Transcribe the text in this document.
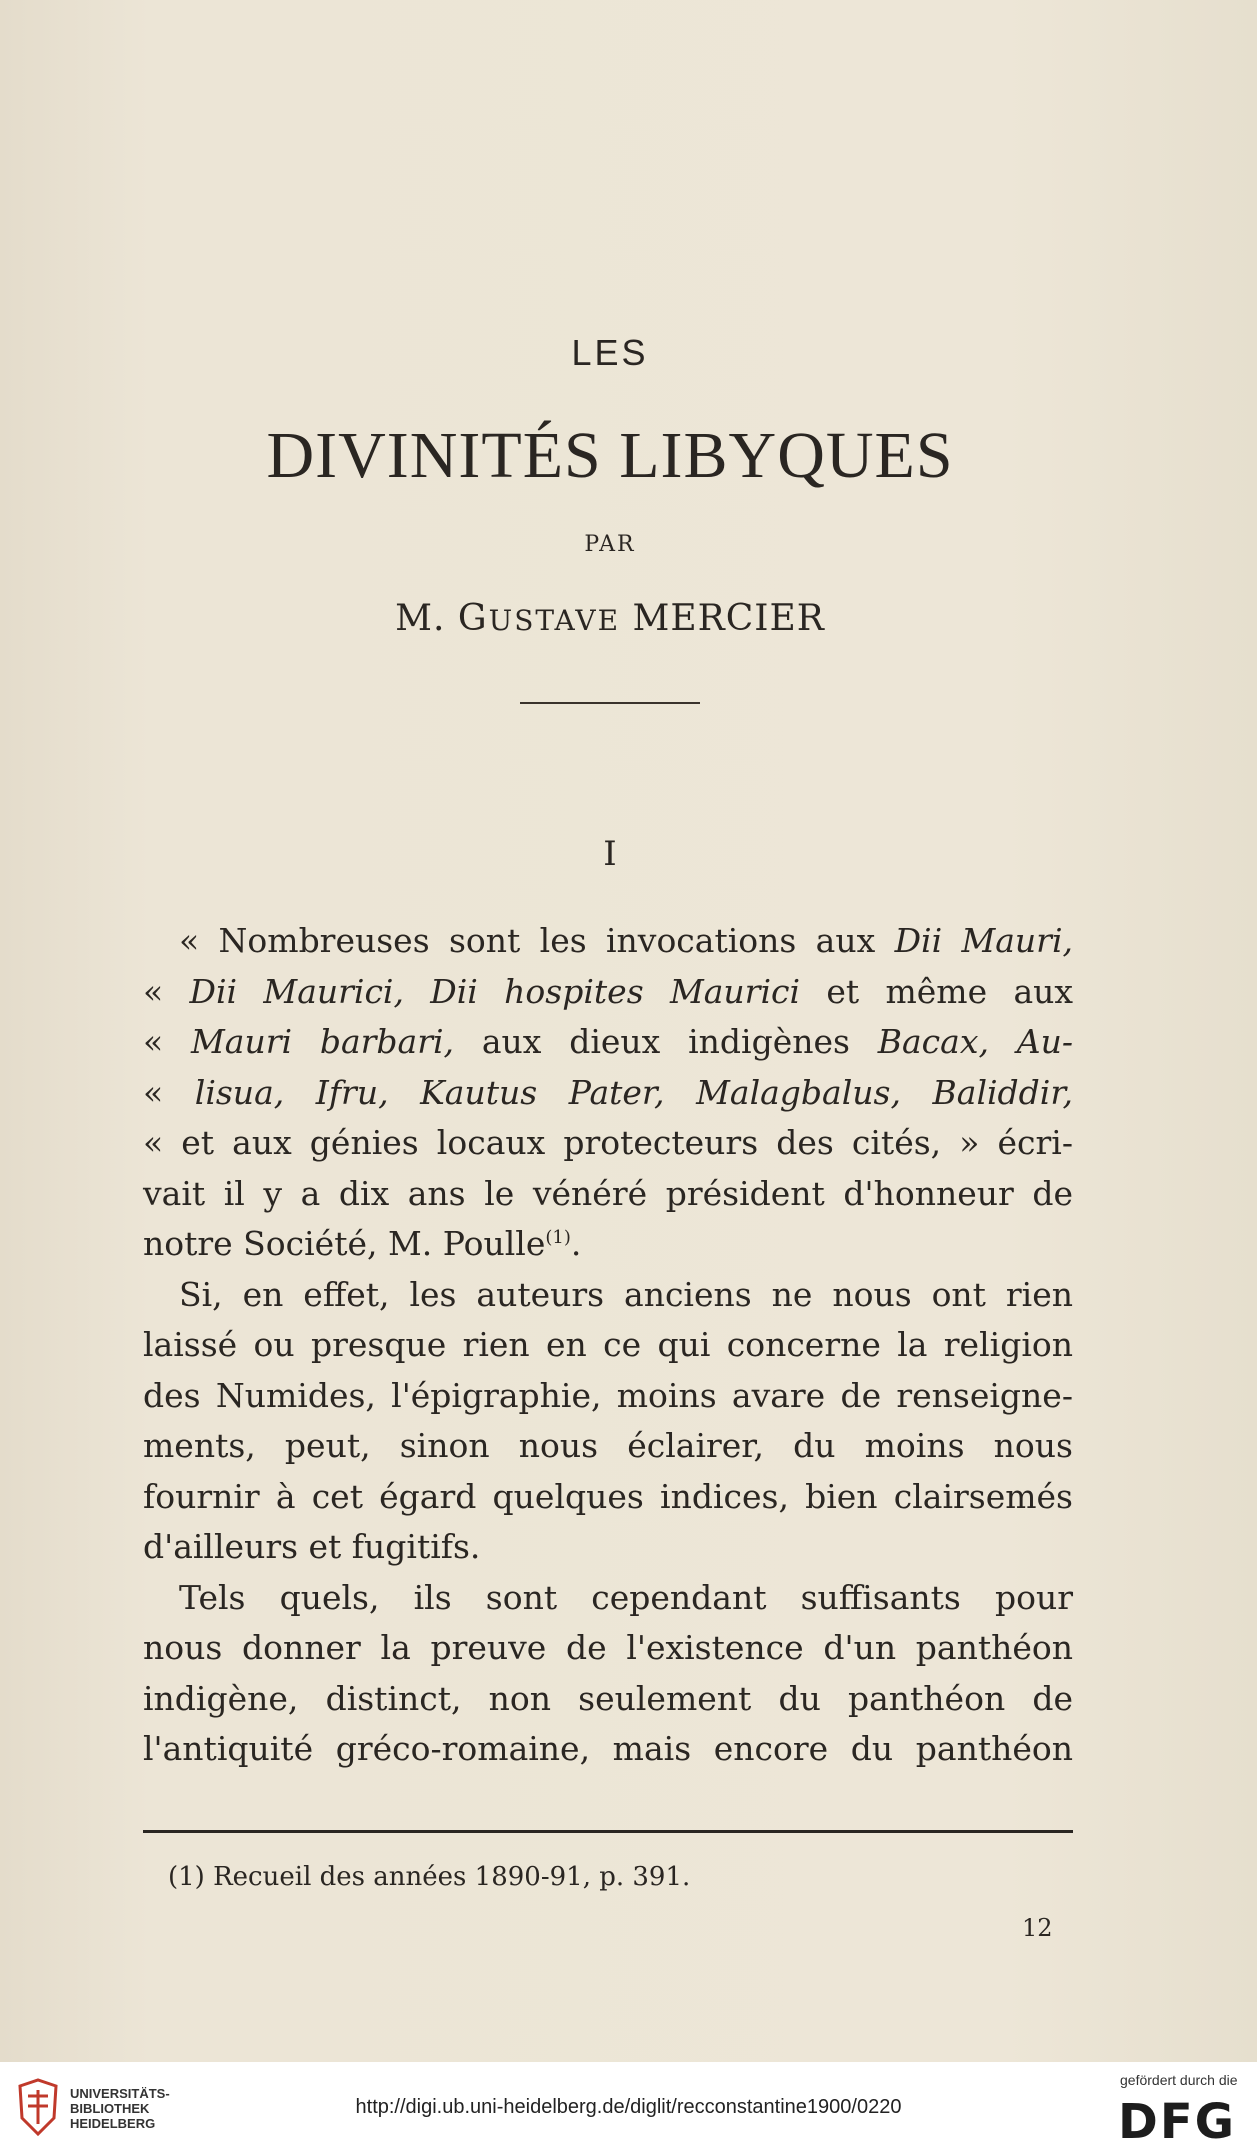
LES
DIVINITÉS LIBYQUES
PAR
M. GUSTAVE MERCIER
I
« Nombreuses sont les invocations aux Dii Mauri,
« Dii Maurici, Dii hospites Maurici et même aux
« Mauri barbari, aux dieux indigènes Bacax, Au-
« lisua, Ifru, Kautus Pater, Malagbalus, Baliddir,
« et aux génies locaux protecteurs des cités, » écri-
vait il y a dix ans le vénéré président d'honneur de
notre Société, M. Poulle$^{(1)}$.
Si, en effet, les auteurs anciens ne nous ont rien
laissé ou presque rien en ce qui concerne la religion
des Numides, l'épigraphie, moins avare de renseigne-
ments, peut, sinon nous éclairer, du moins nous
fournir à cet égard quelques indices, bien clairsemés
d'ailleurs et fugitifs.
Tels quels, ils sont cependant suffisants pour
nous donner la preuve de l'existence d'un panthéon
indigène, distinct, non seulement du panthéon de
l'antiquité gréco-romaine, mais encore du panthéon
(1) Recueil des années 1890-91, p. 391.
12
UNIVERSITÄTS-
BIBLIOTHEK
HEIDELBERG
http://digi.ub.uni-heidelberg.de/diglit/recconstantine1900/0220
gefördert durch die
DFG
